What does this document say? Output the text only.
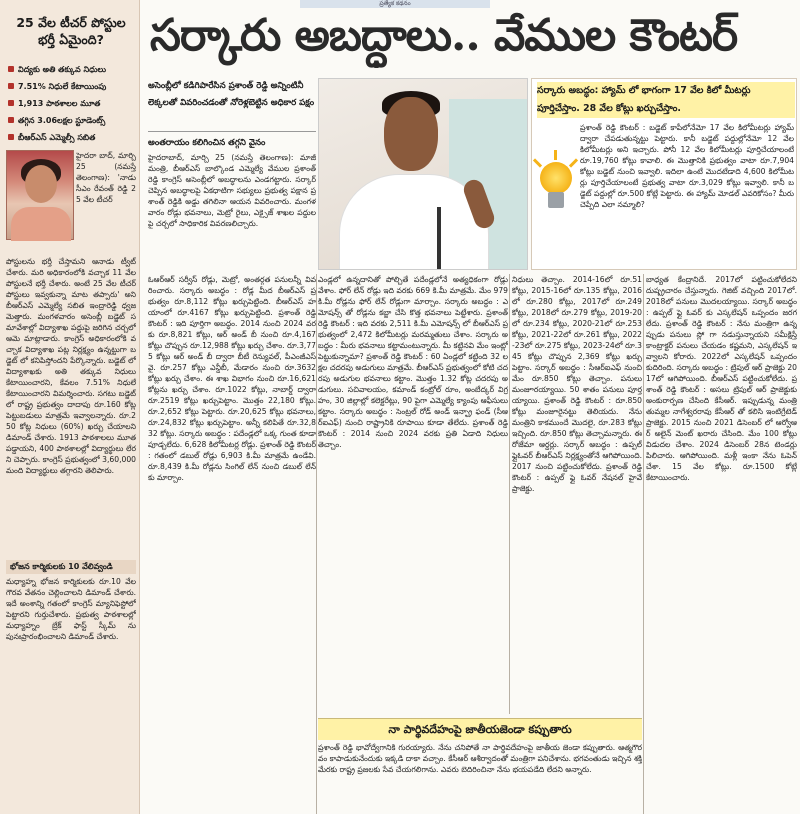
ప్రత్యేక కథనం
సర్కారు అబద్ధాలు.. వేముల కౌంటర్
25 వేల టీచర్ పోస్టుల భర్తీ ఏమైంది?
విద్యకు అతి తక్కువ నిధులు
7.51% నిధులే కేటాయింపు
1,913 పాఠశాలల మూత
తగ్గిన 3.06లక్షల స్టూడెంట్స్
బీఆర్ఎస్ ఎమ్మెల్సీ సబిత
హైదరా బాద్, మార్చి 25 (నమస్తే తెలంగాణ): 'నాడు సీఎం రేవంత్ రెడ్డి 25 వేల టీచర్
పోస్టులను భర్తీ చేస్తామని ఆనాడు ట్వీట్ చేశారు. మరి అధికారంలోకి వచ్చాక 11 వేల పోస్టులనే భర్తీ చేశారు. అంటే 25 వేల టీచర్ పోస్టులు ఇవ్వకున్నా మాట తప్పారు' అని బీఆర్ఎస్ ఎమ్మెల్యే సబిత ఇంద్రారెడ్డి ధ్వజమెత్తారు. మంగళవారం అసెంబ్లీ బడ్జెట్ సమావేశాల్లో విద్యాశాఖ పద్దుపై జరిగిన చర్చలో ఆమె మాట్లాడారు. కాంగ్రెస్ అధికారంలోకి వచ్చాక విద్యాశాఖ పట్ల నిర్లక్ష్యం ఉన్నట్టుగా బడ్జెట్ లో కనిపిస్తోందని పేర్కొన్నారు. బడ్జెట్ లో విద్యాశాఖకు అతి తక్కువ నిధులు కేటాయించారని, కేవలం 7.51% నిధులే కేటాయించారని విమర్శించారు. సగటు బడ్జెట్ లో రాష్ట్ర ప్రభుత్వం దాదాపు రూ.160 కోట్ల పెట్టుబడులు మాత్రమే ఇవ్వాలన్నారు. రూ.250 కోట్ల నిధులు (60%) ఖర్చు చేయాలని డిమాండ్ చేశారు. 1913 పాఠశాలలు మూతపడ్డాయని, 400 పాఠశాలల్లో విద్యార్థులు లేరని చెప్పారు. కాంగ్రెస్ ప్రభుత్వంలో 3,60,000 మంది విద్యార్థులు తగ్గారని తెలిపారు.
భోజన కార్మికులకు 10 వేలివ్వండి
మధ్యాహ్న భోజన కార్మికులకు రూ.10 వేల గౌరవ వేతనం చెల్లించాలని డిమాండ్ చేశారు. ఇదే అంశాన్ని గతంలో కాంగ్రెస్ మ్యానిఫెస్టోలో పెట్టారని గుర్తుచేశారు. ప్రభుత్వ పాఠశాలల్లో మధ్యాహ్నం బ్రేక్ ఫాస్ట్ స్కీమ్ ను పునఃప్రారంభించాలని డిమాండ్ చేశారు.
అసెంబ్లీలో కడిగిపారేసిన ప్రశాంత్ రెడ్డి అన్నింటినీ లెక్కలతో వివరించడంతో నోరెళ్లబెట్టిన అధికార పక్షం
అంతరాయం కలిగించిన తగ్గని వైనం
హైదరాబాద్, మార్చి 25 (నమస్తే తెలంగాణ): మాజీ మంత్రి, బీఆర్ఎస్ బాల్కొండ ఎమ్మెల్యే వేముల ప్రశాంత్ రెడ్డి కాంగ్రెస్ అసెంబ్లీలో అబద్ధాలను ఎండగట్టారు. సర్కార్ చెప్పిన అబద్ధాలపై ఏకధాటిగా సభ్యులు ప్రభుత్వ పక్షాన ప్రశాంత్ రెడ్డికి అడ్డు తగిలినా ఆయన వివరించారు. మంగళవారం రోడ్లు భవనాలు, మెట్రో రైలు, ఎక్సైజ్ శాఖల పద్దులపై చర్చలో సాధికారిక వివరణలిచ్చారు.
సర్కారు అబద్ధం: హ్యామ్ లో భాగంగా 17 వేల కిలో మీటర్లు పూర్తిచేస్తాం. 28 వేల కోట్లు ఖర్చుచేస్తాం.
ప్రశాంత్ రెడ్డి కౌంటర్ : బడ్జెట్ కాపీలోనేమో 17 వేల కిలోమీటర్లు హ్యామ్ ద్వారా చేపడుతున్నట్టు పెట్టారు. కానీ బడ్జెట్ పద్దుల్లోనేమో 12 వేల కిలోమీటర్లు అని ఇచ్చారు. పోనీ 12 వేల కిలోమీటర్లు పూర్తిచేయాలంటే రూ.19,760 కోట్లు కావాలి. ఈ మొత్తానికి ప్రభుత్వం వాటా రూ.7,904 కోట్లు బడ్జెట్ నుంచి ఇవ్వాలి. ఇదిలా ఉంటే మొదటేడాది 4,600 కిలోమీటర్లు పూర్తిచేయాలంటే ప్రభుత్వ వాటా రూ.3,029 కోట్లు ఇవ్వాలి. కానీ బడ్జెట్ పద్దుల్లో రూ.500 కోట్లే పెట్టారు. ఈ హ్యామ్ మోడల్ ఎవరికోసం? మీరు చెప్పేది ఎలా నమ్మాలి?
ఓఆర్ఆర్ సర్వీస్ రోడ్లు, మెట్రో, అంతర్గత పనులన్నీ వివరించారు. సర్కారు అబద్ధం : రోడ్ల మీద బీఆర్ఎస్ ప్రభుత్వం రూ.8,112 కోట్లు ఖర్చుపెట్టింది. బీఆర్ఎస్ హయాంలో రూ.4167 కోట్లు ఖర్చుపెట్టింది. ప్రశాంత్ రెడ్డి కౌంటర్ : ఇది పూర్తిగా అబద్ధం. 2014 నుంచి 2024 వరకు రూ.8,821 కోట్లు, ఆర్ అండ్ బీ నుంచి రూ.4,167 కోట్లు చొప్పున రూ.12,988 కోట్లు ఖర్చు చేశాం. రూ.3,775 కోట్లు ఆర్ అండ్ బీ ద్వారా బీటీ రెన్యువల్, పీఎంజీఎస్ వై. రూ.257 కోట్లు ఎన్డీబీ, మేడారం నుంచి రూ.3632 కోట్లు ఖర్చు చేశాం. ఈ శాఖ విభాగం నుంచి రూ.16,621 కోట్లను ఖర్చు చేశాం. రూ.1022 కోట్లు, నాబార్డ్ ద్వారా రూ.2519 కోట్లు ఖర్చుపెట్టాం. మొత్తం 22,180 కోట్లు. రూ.2,652 కోట్లు పెట్టారు. రూ.20,625 కోట్లు భవనాలు, రూ.24,832 కోట్లు ఖర్చుపెట్టాం. అన్నీ కలిపితే రూ.32,832 కోట్లు. సర్కారు అబద్ధం : పదేండ్లలో ఒక్క గుంత కూడా పూడ్చలేదు. 6,628 కిలోమీటర్ల రోడ్లు. ప్రశాంత్ రెడ్డి కౌంటర్ : గతంలో డబుల్ రోడ్లు 6,903 కి.మీ మాత్రమే ఉండేవి. రూ.8,439 కి.మీ రోడ్లను సింగిల్ లేన్ నుంచి డబుల్ లేన్ కు మార్చాం.
ఎండ్లలో ఉన్నదానితో పోల్చితే పదేండ్లలోనే అత్యధికంగా రోడ్లు వేశాం. ఫోర్ లేన్ రోడ్లు ఇది వరకు 669 కి.మీ మాత్రమే. మేం 979 కి.మీ రోడ్లను ఫోర్ లేన్ రోడ్లుగా మార్చాం. సర్కారు అబద్ధం : ఎమోషన్స్ తో రోడ్లను కబ్జా చేసి కొత్త భవనాలు పెట్టేశారు. ప్రశాంత్ రెడ్డి కౌంటర్ : ఇది వరకు 2,511 కి.మీ ఎమోషన్స్ లో బీఆర్ఎస్ ప్రభుత్వంలో 2,472 కిలోమీటర్లు మరమ్మతులు చేశాం. సర్కారు అబద్ధం : మీరు భవనాలు కట్టామంటున్నారు. మీ కట్టినవి మేం ఇంట్లో పెట్టుకున్నామా? ప్రశాంత్ రెడ్డి కౌంటర్ : 60 ఏండ్లలో కట్టింది 32 లక్షల చదరపు అడుగులు మాత్రమే. బీఆర్ఎస్ ప్రభుత్వంలో కోటి చదరపు అడుగుల భవనాలు కట్టాం. మొత్తం 1.32 కోట్ల చదరపు అడుగులు. సచివాలయం, కమాండ్ కంట్రోల్ రూం, అంబేద్కర్ విగ్రహం, 30 జిల్లాల్లో కలెక్టరేట్లు, 90 పైగా ఎమ్మెల్యే క్యాంపు ఆఫీసులు కట్టాం. సర్కారు అబద్ధం : సెంట్రల్ రోడ్ అండ్ ఇన్ఫ్రా ఫండ్ (సీఆర్ఐఎఫ్) నుంచి రాష్ట్రానికి రూపాయి కూడా తేలేదు. ప్రశాంత్ రెడ్డి కౌంటర్ : 2014 నుంచి 2024 వరకు ప్రతి ఏడాది నిధులు తెచ్చాం.
నిధులు తెచ్చాం. 2014-16లో రూ.51 కోట్లు, 2015-16లో రూ.135 కోట్లు, 2016లో రూ.280 కోట్లు, 2017లో రూ.249 కోట్లు, 2018లో రూ.279 కోట్లు, 2019-20లో రూ.234 కోట్లు, 2020-21లో రూ.253 కోట్లు, 2021-22లో రూ.261 కోట్లు, 2022-23లో రూ.275 కోట్లు, 2023-24లో రూ.345 కోట్లు చొప్పున 2,369 కోట్లు ఖర్చు పెట్టాం. సర్కార్ అబద్ధం : సీఆర్ఐఎఫ్ నుంచి మేం రూ.850 కోట్లు తెచ్చాం. పనులు మంజూరయ్యాయి. 50 శాతం పనులు పూర్తయ్యాయి. ప్రశాంత్ రెడ్డి కౌంటర్ : రూ.850 కోట్లు మంజూరైనట్టు తెలియదు. నేను మంత్రిని కాకముందే మొదలై, రూ.283 కోట్లు ఇచ్చింది. రూ.850 కోట్లు తెచ్చామన్నారు. ఈ రోజేమా ఆర్డర్లు. సర్కార్ అబద్ధం : ఉప్పల్ ఫ్లైఓవర్ బీఆర్ఎస్ నిర్లక్ష్యంతోనే ఆగిపోయింది. 2017 నుంచి పట్టించుకోలేదు. ప్రశాంత్ రెడ్డి కౌంటర్ : ఉప్పల్ ఫ్లై ఓవర్ నేషనల్ హైవే ప్రాజెక్టు.
బాధ్యత కేంద్రానిదే. 2017లో పట్టించుకోలేదని దుష్ప్రచారం చేస్తున్నారు. గెజిట్ వచ్చింది 2017లో. 2018లో పనులు మొదలయ్యాయి. సర్కార్ అబద్ధం : ఉప్పల్ ఫ్లై ఓవర్ కు ఎస్కలేషన్ ఒప్పందం జరగలేదు. ప్రశాంత్ రెడ్డి కౌంటర్ : నేను మంత్రిగా ఉన్నప్పుడు పనులు స్లో గా నడుస్తున్నాయని సమీక్షిస్తే కాంట్రాక్టర్ పనులు చేయడం కష్టమని, ఎస్కలేషన్ ఇవ్వాలని కోరారు. 2022లో ఎస్కలేషన్ ఒప్పందం కుదిరింది. సర్కారు అబద్ధం : ట్రిపుల్ ఆర్ ప్రాజెక్టు 2017లో ఆగిపోయింది. బీఆర్ఎస్ పట్టించుకోలేదు. ప్రశాంత్ రెడ్డి కౌంటర్ : అసలు ట్రిపుల్ ఆర్ ప్రాజెక్టుకు అంకురార్పణ చేసింది కేసీఆర్. ఇప్పుడున్న మంత్రి తుమ్మల నాగేశ్వరరావు కేసీఆర్ తో కలిసి ఇంటిగ్రేటెడ్ ప్రాజెక్టు. 2015 నుంచి 2021 డిసెంబర్ లో ఆర్వోఆర్ అలైన్ మెంట్ ఖరారు చేసింది. మేం 100 కోట్లు విడుదల చేశాం. 2024 డిసెంబర్ 28న టెండర్లు పిలిచారు. ఆగిపోయింది. మళ్లీ ఇంకా నేను ఓపెన్ చేశా. 15 వేల కోట్లు. రూ.1500 కోట్లే కేటాయించారు.
నా పార్థివదేహంపై జాతీయజెండా కప్పుతారు
ప్రశాంత్ రెడ్డి భావోద్వేగానికి గురయ్యారు. నేను చనిపోతే నా పార్థివదేహంపై జాతీయ జెండా కప్పుతారు. ఆత్మగౌరవం కాపాడుకునేందుకు ఇక్కడి దాకా వచ్చాం. కేసీఆర్ ఆశీర్వాదంతో మంత్రిగా పనిచేశాను. భగవంతుడు ఇచ్చిన శక్తి మేరకు రాష్ట్ర ప్రజలకు సేవ చేయగలిగాను. ఎవరు బెదిరించినా నేను భయపడేది లేదని అన్నారు.
